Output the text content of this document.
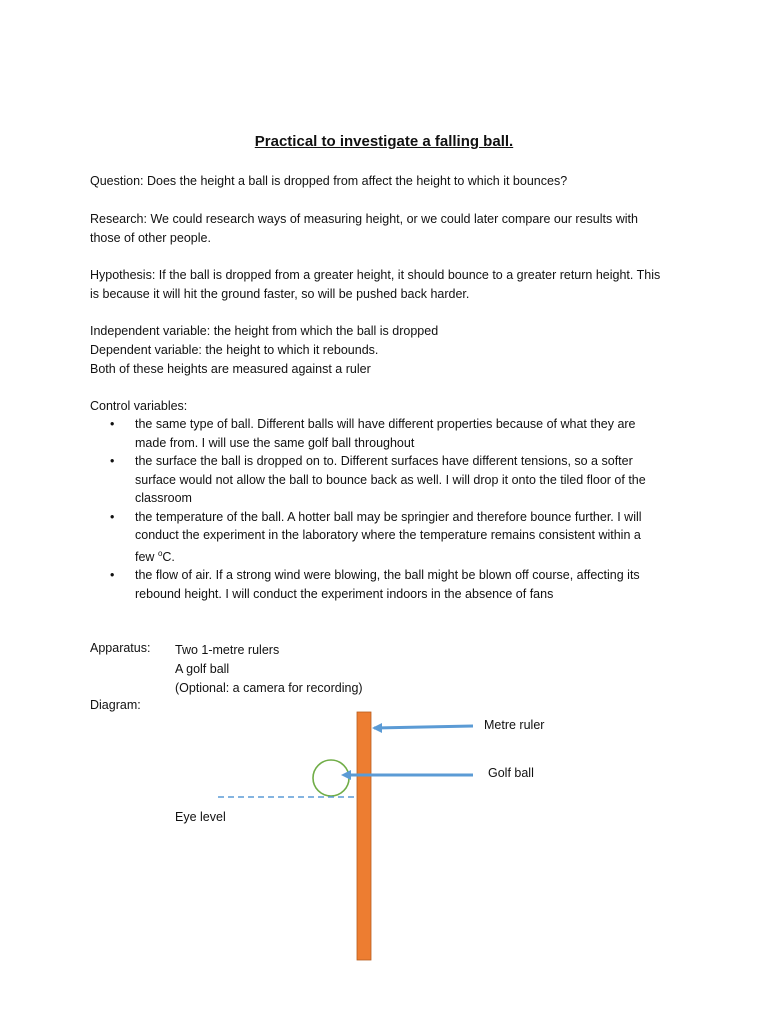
Practical to investigate a falling ball.
Question: Does the height a ball is dropped from affect the height to which it bounces?
Research: We could research ways of measuring height, or we could later compare our results with
those of other people.
Hypothesis: If the ball is dropped from a greater height, it should bounce to a greater return height. This
is because it will hit the ground faster, so will be pushed back harder.
Independent variable: the height from which the ball is dropped
Dependent variable: the height to which it rebounds.
Both of these heights are measured against a ruler
Control variables:
• the same type of ball. Different balls will have different properties because of what they are
made from. I will use the same golf ball throughout
• the surface the ball is dropped on to. Different surfaces have different tensions, so a softer
surface would not allow the ball to bounce back as well. I will drop it onto the tiled floor of the
classroom
• the temperature of the ball. A hotter ball may be springier and therefore bounce further. I will
conduct the experiment in the laboratory where the temperature remains consistent within a
few $^o$C.
• the flow of air. If a strong wind were blowing, the ball might be blown off course, affecting its
rebound height. I will conduct the experiment indoors in the absence of fans
Apparatus: Two 1-metre rulers
A golf ball
(Optional: a camera for recording)
Diagram:
Metre ruler
Golf ball
Eye level
